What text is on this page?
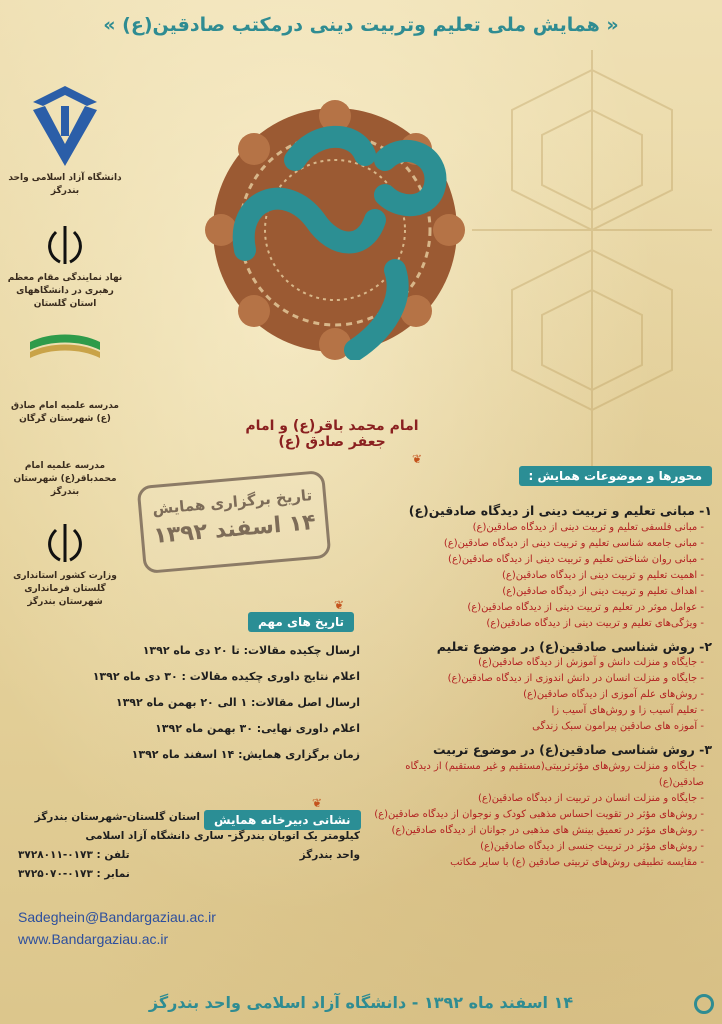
« همایش ملی تعلیم وتربیت دینی درمکتب صادقین(ع) »
دانشگاه آزاد اسلامی واحد بندرگز
نهاد نمایندگی مقام معظم رهبری در دانشگاههای استان گلستان
مدرسه علمیه امام صادق (ع) شهرستان گرگان
مدرسه علمیه امام محمدباقر(ع) شهرستان بندرگز
وزارت کشور استانداری گلستان فرمانداری شهرستان بندرگز
امام محمد باقر(ع) و امام جعفر صادق (ع)
تاریخ برگزاری همایش
۱۴ اسفند ۱۳۹۲
محورها و موضوعات همایش :
❦
۱- مبانی تعلیم و تربیت دینی از دیدگاه صادقین(ع)
- مبانی فلسفی تعلیم و تربیت دینی از دیدگاه صادقین(ع)
- مبانی جامعه شناسی تعلیم و تربیت دینی از دیدگاه صادقین(ع)
- مبانی روان شناختی تعلیم و تربیت دینی از دیدگاه صادقین(ع)
- اهمیت تعلیم و تربیت دینی از دیدگاه صادقین(ع)
- اهداف تعلیم و تربیت دینی از دیدگاه صادقین(ع)
- عوامل موثر در تعلیم و تربیت دینی از دیدگاه صادقین(ع)
- ویژگی‌های تعلیم و تربیت دینی از دیدگاه صادقین(ع)
۲- روش شناسی صادقین(ع) در موضوع تعلیم
- جایگاه و منزلت دانش و آموزش از دیدگاه صادقین(ع)
- جایگاه و منزلت انسان در دانش اندوزی از دیدگاه صادقین(ع)
- روش‌های علم آموزی از دیدگاه صادقین(ع)
- تعلیم آسیب زا و روش‌های آسیب زا
- آموزه های صادقین پیرامون سبک زندگی
۳- روش شناسی صادقین(ع) در موضوع تربیت
- جایگاه و منزلت روش‌های مؤثرتربیتی(مستقیم و غیر مستقیم) از دیدگاه صادقین(ع)
- جایگاه و منزلت انسان در تربیت از دیدگاه صادقین(ع)
- روش‌های مؤثر در تقویت احساس مذهبی کودک و نوجوان از دیدگاه صادقین(ع)
- روش‌های مؤثر در تعمیق بینش های مذهبی در جوانان از دیدگاه صادقین(ع)
- روش‌های مؤثر در تربیت جنسی از دیدگاه صادقین(ع)
- مقایسه تطبیقی روش‌های تربیتی صادقین (ع) با سایر مکاتب
تاریخ های مهم
❦
ارسال چکیده مقالات: تا ۲۰ دی ماه ۱۳۹۲
اعلام نتایج داوری چکیده مقالات : ۳۰ دی ماه ۱۳۹۲
ارسال اصل مقالات: ۱ الی ۲۰ بهمن ماه ۱۳۹۲
اعلام داوری نهایی: ۳۰ بهمن ماه ۱۳۹۲
زمان برگزاری همایش: ۱۴ اسفند ماه ۱۳۹۲
نشانی دبیرخانه همایش
❦
استان گلستان-شهرستان بندرگز
کیلومتر یک اتوبان بندرگز- ساری دانشگاه آزاد اسلامی
واحد بندرگز
تلفن : ۰۱۷۳-۳۷۲۸۰۱۱
نمابر : ۰۱۷۳-۳۷۲۵۰۷۰
Sadeghein@Bandargaziau.ac.ir
www.Bandargaziau.ac.ir
۱۴ اسفند ماه ۱۳۹۲ - دانشگاه آزاد اسلامی واحد بندرگز
